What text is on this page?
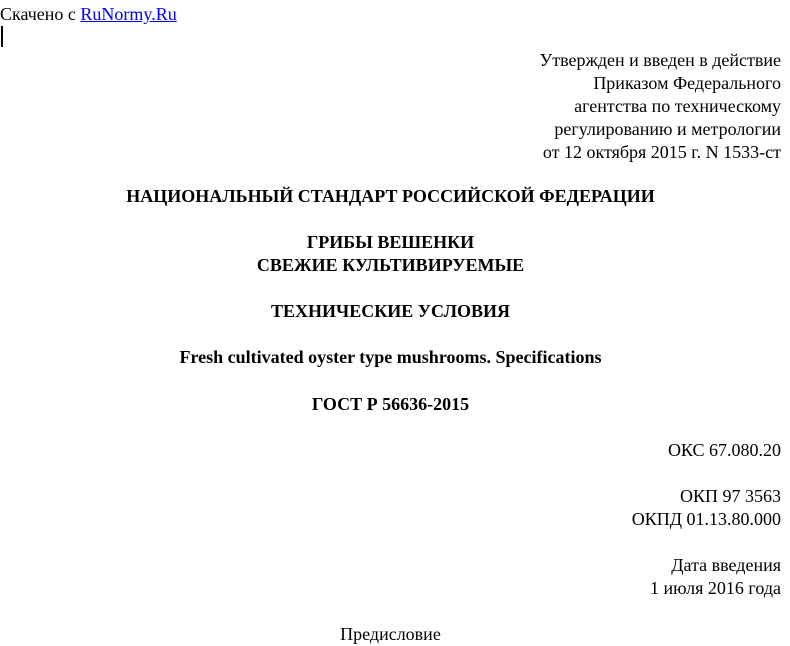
Скачено с RuNormy.Ru
Утвержден и введен в действие
Приказом Федерального
агентства по техническому
регулированию и метрологии
от 12 октября 2015 г. N 1533-ст
НАЦИОНАЛЬНЫЙ СТАНДАРТ РОССИЙСКОЙ ФЕДЕРАЦИИ
ГРИБЫ ВЕШЕНКИ
СВЕЖИЕ КУЛЬТИВИРУЕМЫЕ
ТЕХНИЧЕСКИЕ УСЛОВИЯ
Fresh cultivated oyster type mushrooms. Specifications
ГОСТ Р 56636-2015
ОКС 67.080.20
ОКП 97 3563
ОКПД 01.13.80.000
Дата введения
1 июля 2016 года
Предисловие
